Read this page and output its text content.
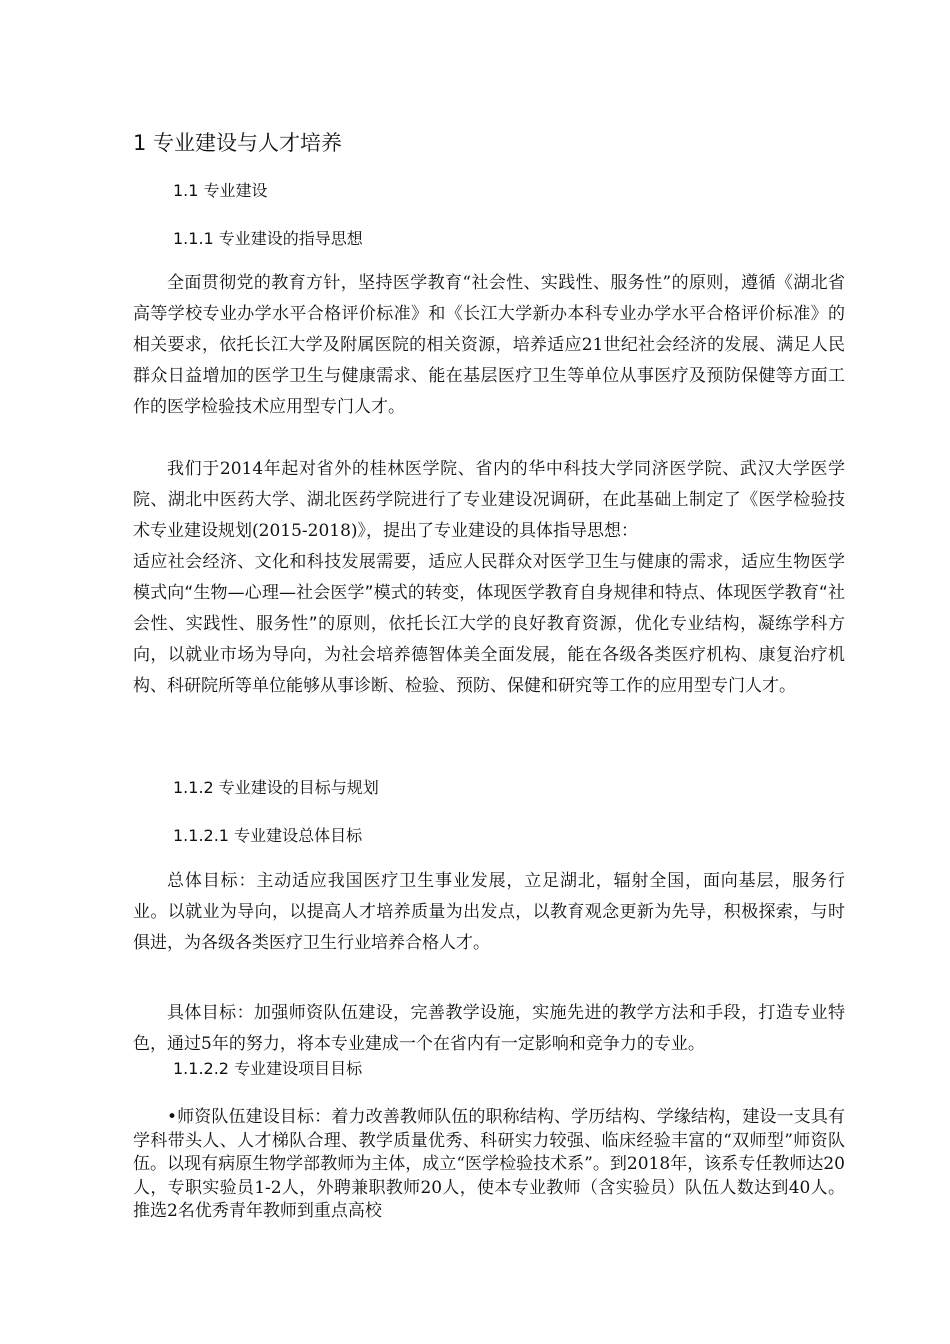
1 专业建设与人才培养
1.1 专业建设
1.1.1 专业建设的指导思想
全面贯彻党的教育方针，坚持医学教育“社会性、实践性、服务性”的原则，遵循《湖北省高等学校专业办学水平合格评价标准》和《长江大学新办本科专业办学水平合格评价标准》的相关要求，依托长江大学及附属医院的相关资源，培养适应21世纪社会经济的发展、满足人民群众日益增加的医学卫生与健康需求、能在基层医疗卫生等单位从事医疗及预防保健等方面工作的医学检验技术应用型专门人才。
我们于2014年起对省外的桂林医学院、省内的华中科技大学同济医学院、武汉大学医学院、湖北中医药大学、湖北医药学院进行了专业建设况调研，在此基础上制定了《医学检验技术专业建设规划(2015-2018)》，提出了专业建设的具体指导思想：
适应社会经济、文化和科技发展需要，适应人民群众对医学卫生与健康的需求，适应生物医学模式向“生物—心理—社会医学”模式的转变，体现医学教育自身规律和特点、体现医学教育“社会性、实践性、服务性”的原则，依托长江大学的良好教育资源，优化专业结构，凝练学科方向，以就业市场为导向，为社会培养德智体美全面发展，能在各级各类医疗机构、康复治疗机构、科研院所等单位能够从事诊断、检验、预防、保健和研究等工作的应用型专门人才。
1.1.2 专业建设的目标与规划
1.1.2.1 专业建设总体目标
总体目标：主动适应我国医疗卫生事业发展，立足湖北，辐射全国，面向基层，服务行业。以就业为导向，以提高人才培养质量为出发点，以教育观念更新为先导，积极探索，与时俱进，为各级各类医疗卫生行业培养合格人才。
具体目标：加强师资队伍建设，完善教学设施，实施先进的教学方法和手段，打造专业特色，通过5年的努力，将本专业建成一个在省内有一定影响和竞争力的专业。
1.1.2.2 专业建设项目目标
•师资队伍建设目标：着力改善教师队伍的职称结构、学历结构、学缘结构，建设一支具有学科带头人、人才梯队合理、教学质量优秀、科研实力较强、临床经验丰富的“双师型”师资队伍。以现有病原生物学部教师为主体，成立“医学检验技术系”。到2018年，该系专任教师达20人，专职实验员1-2人，外聘兼职教师20人，使本专业教师（含实验员）队伍人数达到40人。推选2名优秀青年教师到重点高校
